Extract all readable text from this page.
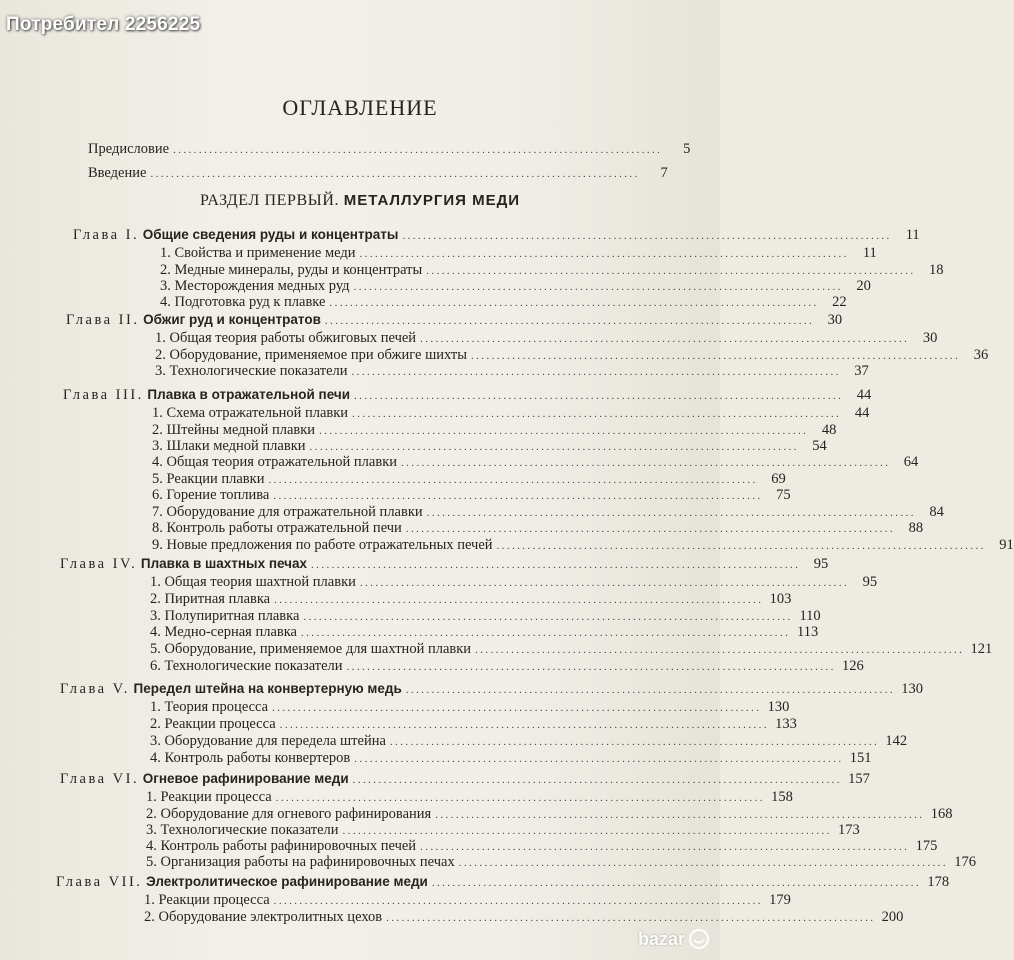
Потребител 2256225
ОГЛАВЛЕНИЕ
Предисловие ...............................................................................................	5
Введение ...............................................................................................	7
РАЗДЕЛ ПЕРВЫЙ. МЕТАЛЛУРГИЯ МЕДИ
Глава I. Общие сведения руды и концентраты ............................................................................................... 11
1. Свойства и применение меди ............................................................................................... 11
2. Медные минералы, руды и концентраты ............................................................................................... 18
3. Месторождения медных руд ............................................................................................... 20
4. Подготовка руд к плавке ............................................................................................... 22
Глава II. Обжиг руд и концентратов ............................................................................................... 30
1. Общая теория работы обжиговых печей ............................................................................................... 30
2. Оборудование, применяемое при обжиге шихты ............................................................................................... 36
3. Технологические показатели ............................................................................................... 37
Глава III. Плавка в отражательной печи ............................................................................................... 44
1. Схема отражательной плавки ............................................................................................... 44
2. Штейны медной плавки ............................................................................................... 48
3. Шлаки медной плавки ............................................................................................... 54
4. Общая теория отражательной плавки ............................................................................................... 64
5. Реакции плавки ............................................................................................... 69
6. Горение топлива ............................................................................................... 75
7. Оборудование для отражательной плавки ............................................................................................... 84
8. Контроль работы отражательной печи ............................................................................................... 88
9. Новые предложения по работе отражательных печей ............................................................................................... 91
Глава IV. Плавка в шахтных печах ............................................................................................... 95
1. Общая теория шахтной плавки ............................................................................................... 95
2. Пиритная плавка ............................................................................................... 103
3. Полупиритная плавка ............................................................................................... 110
4. Медно-серная плавка ............................................................................................... 113
5. Оборудование, применяемое для шахтной плавки ............................................................................................... 121
6. Технологические показатели ............................................................................................... 126
Глава V. Передел штейна на конвертерную медь ............................................................................................... 130
1. Теория процесса ............................................................................................... 130
2. Реакции процесса ............................................................................................... 133
3. Оборудование для передела штейна ............................................................................................... 142
4. Контроль работы конвертеров ............................................................................................... 151
Глава VI. Огневое рафинирование меди ............................................................................................... 157
1. Реакции процесса ............................................................................................... 158
2. Оборудование для огневого рафинирования ............................................................................................... 168
3. Технологические показатели ............................................................................................... 173
4. Контроль работы рафинировочных печей ............................................................................................... 175
5. Организация работы на рафинировочных печах ............................................................................................... 176
Глава VII. Электролитическое рафинирование меди ............................................................................................... 178
1. Реакции процесса ............................................................................................... 179
2. Оборудование электролитных цехов ............................................................................................... 200
bazar
